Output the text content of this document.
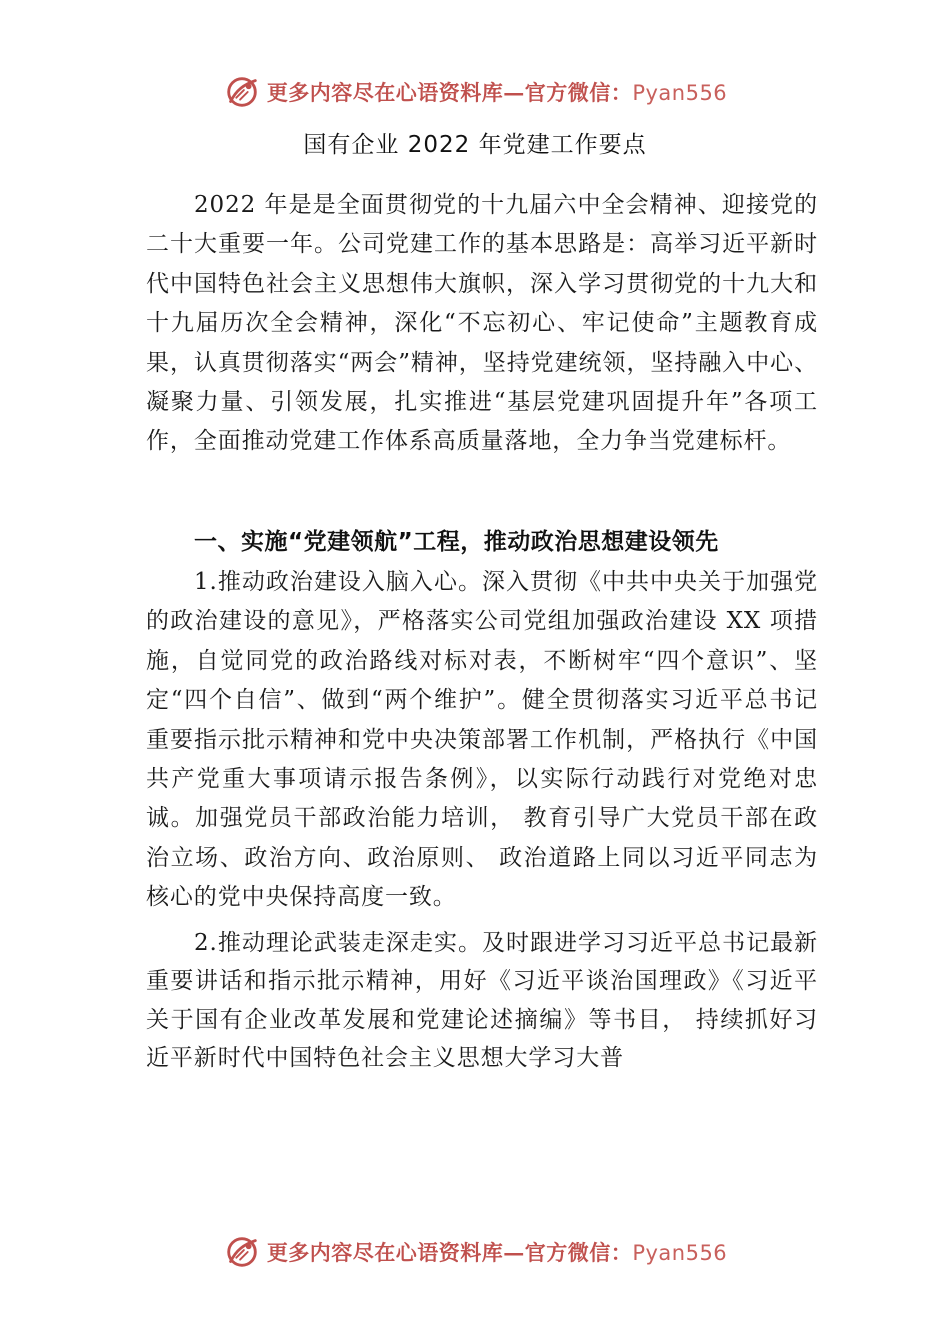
更多内容尽在心语资料库—官方微信：Pyan556
国有企业 2022 年党建工作要点

2022 年是是全面贯彻党的十九届六中全会精神、迎接党的二十大重要一年。公司党建工作的基本思路是：高举习近平新时代中国特色社会主义思想伟大旗帜，深入学习贯彻党的十九大和十九届历次全会精神，深化“不忘初心、牢记使命”主题教育成果，认真贯彻落实“两会”精神，坚持党建统领，坚持融入中心、凝聚力量、引领发展，扎实推进“基层党建巩固提升年”各项工作，全面推动党建工作体系高质量落地，全力争当党建标杆。

一、实施“党建领航”工程，推动政治思想建设领先

1.推动政治建设入脑入心。深入贯彻《中共中央关于加强党的政治建设的意见》，严格落实公司党组加强政治建设 XX 项措施，自觉同党的政治路线对标对表，不断树牢“四个意识”、坚定“四个自信”、做到“两个维护”。健全贯彻落实习近平总书记重要指示批示精神和党中央决策部署工作机制，严格执行《中国共产党重大事项请示报告条例》，以实际行动践行对党绝对忠诚。加强党员干部政治能力培训， 教育引导广大党员干部在政治立场、政治方向、政治原则、 政治道路上同以习近平同志为核心的党中央保持高度一致。

2.推动理论武装走深走实。及时跟进学习习近平总书记最新重要讲话和指示批示精神，用好《习近平谈治国理政》《习近平关于国有企业改革发展和党建论述摘编》等书目， 持续抓好习近平新时代中国特色社会主义思想大学习大普

更多内容尽在心语资料库—官方微信：Pyan556
